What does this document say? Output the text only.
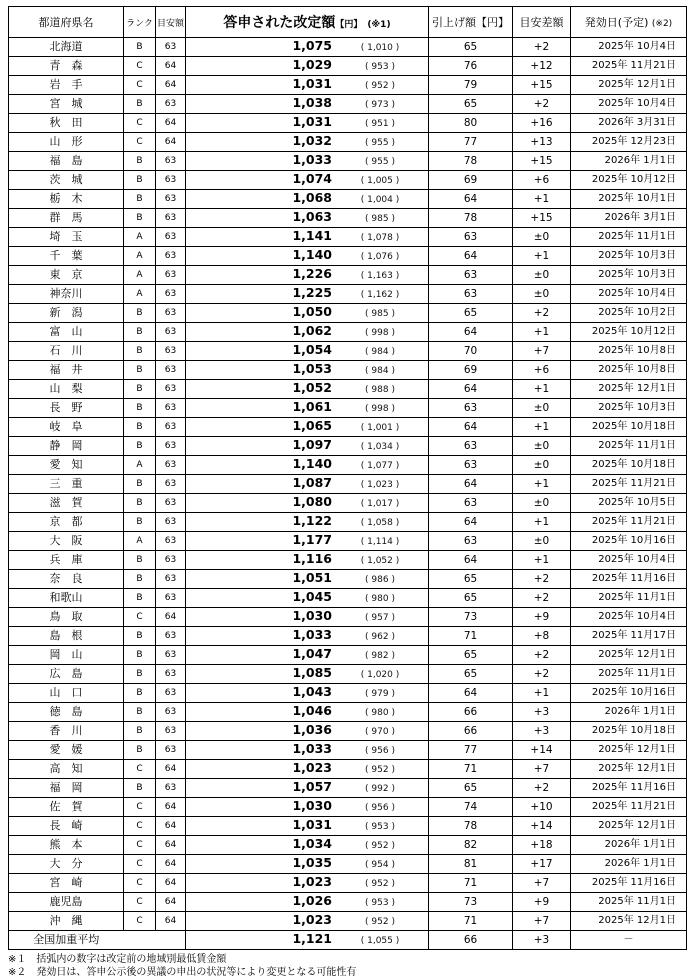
都道府県名	ランク	目安額	答申された改定額【円】 (※1)	引上げ額【円】	目安差額	発効日(予定) (※2)
北海道	B	63	1,075 ( 1,010 )	65	+2	2025年 10月4日
青　森	C	64	1,029 ( 953 )	76	+12	2025年 11月21日
岩　手	C	64	1,031 ( 952 )	79	+15	2025年 12月1日
宮　城	B	63	1,038 ( 973 )	65	+2	2025年 10月4日
秋　田	C	64	1,031 ( 951 )	80	+16	2026年 3月31日
山　形	C	64	1,032 ( 955 )	77	+13	2025年 12月23日
福　島	B	63	1,033 ( 955 )	78	+15	2026年 1月1日
茨　城	B	63	1,074 ( 1,005 )	69	+6	2025年 10月12日
栃　木	B	63	1,068 ( 1,004 )	64	+1	2025年 10月1日
群　馬	B	63	1,063 ( 985 )	78	+15	2026年 3月1日
埼　玉	A	63	1,141 ( 1,078 )	63	±0	2025年 11月1日
千　葉	A	63	1,140 ( 1,076 )	64	+1	2025年 10月3日
東　京	A	63	1,226 ( 1,163 )	63	±0	2025年 10月3日
神奈川	A	63	1,225 ( 1,162 )	63	±0	2025年 10月4日
新　潟	B	63	1,050 ( 985 )	65	+2	2025年 10月2日
富　山	B	63	1,062 ( 998 )	64	+1	2025年 10月12日
石　川	B	63	1,054 ( 984 )	70	+7	2025年 10月8日
福　井	B	63	1,053 ( 984 )	69	+6	2025年 10月8日
山　梨	B	63	1,052 ( 988 )	64	+1	2025年 12月1日
長　野	B	63	1,061 ( 998 )	63	±0	2025年 10月3日
岐　阜	B	63	1,065 ( 1,001 )	64	+1	2025年 10月18日
静　岡	B	63	1,097 ( 1,034 )	63	±0	2025年 11月1日
愛　知	A	63	1,140 ( 1,077 )	63	±0	2025年 10月18日
三　重	B	63	1,087 ( 1,023 )	64	+1	2025年 11月21日
滋　賀	B	63	1,080 ( 1,017 )	63	±0	2025年 10月5日
京　都	B	63	1,122 ( 1,058 )	64	+1	2025年 11月21日
大　阪	A	63	1,177 ( 1,114 )	63	±0	2025年 10月16日
兵　庫	B	63	1,116 ( 1,052 )	64	+1	2025年 10月4日
奈　良	B	63	1,051 ( 986 )	65	+2	2025年 11月16日
和歌山	B	63	1,045 ( 980 )	65	+2	2025年 11月1日
鳥　取	C	64	1,030 ( 957 )	73	+9	2025年 10月4日
島　根	B	63	1,033 ( 962 )	71	+8	2025年 11月17日
岡　山	B	63	1,047 ( 982 )	65	+2	2025年 12月1日
広　島	B	63	1,085 ( 1,020 )	65	+2	2025年 11月1日
山　口	B	63	1,043 ( 979 )	64	+1	2025年 10月16日
徳　島	B	63	1,046 ( 980 )	66	+3	2026年 1月1日
香　川	B	63	1,036 ( 970 )	66	+3	2025年 10月18日
愛　媛	B	63	1,033 ( 956 )	77	+14	2025年 12月1日
高　知	C	64	1,023 ( 952 )	71	+7	2025年 12月1日
福　岡	B	63	1,057 ( 992 )	65	+2	2025年 11月16日
佐　賀	C	64	1,030 ( 956 )	74	+10	2025年 11月21日
長　崎	C	64	1,031 ( 953 )	78	+14	2025年 12月1日
熊　本	C	64	1,034 ( 952 )	82	+18	2026年 1月1日
大　分	C	64	1,035 ( 954 )	81	+17	2026年 1月1日
宮　崎	C	64	1,023 ( 952 )	71	+7	2025年 11月16日
鹿児島	C	64	1,026 ( 953 )	73	+9	2025年 11月1日
沖　縄	C	64	1,023 ( 952 )	71	+7	2025年 12月1日
全国加重平均			1,121 ( 1,055 )	66	+3	－
※１　括弧内の数字は改定前の地域別最低賃金額
※２　発効日は、答申公示後の異議の申出の状況等により変更となる可能性有
